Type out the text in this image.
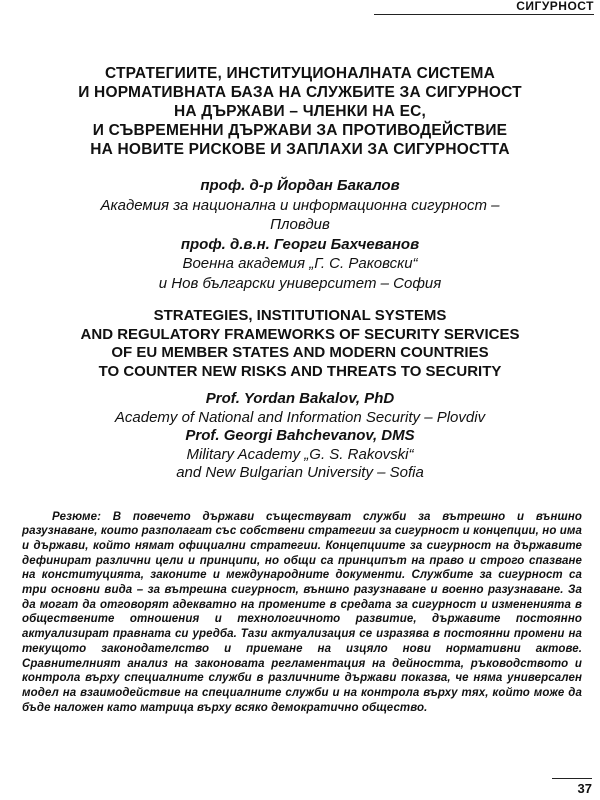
СИГУРНОСТ
СТРАТЕГИИТЕ, ИНСТИТУЦИОНАЛНАТА СИСТЕМА
И НОРМАТИВНАТА БАЗА НА СЛУЖБИТЕ ЗА СИГУРНОСТ
НА ДЪРЖАВИ – ЧЛЕНКИ НА ЕС,
И СЪВРЕМЕННИ ДЪРЖАВИ ЗА ПРОТИВОДЕЙСТВИЕ
НА НОВИТЕ РИСКОВЕ И ЗАПЛАХИ ЗА СИГУРНОСТТА
проф. д-р Йордан Бакалов
Академия за национална и информационна сигурност –
Пловдив
проф. д.в.н. Георги Бахчеванов
Военна академия „Г. С. Раковски“
и Нов български университет – София
STRATEGIES, INSTITUTIONAL SYSTEMS
AND REGULATORY FRAMEWORKS OF SECURITY SERVICES
OF EU MEMBER STATES AND MODERN COUNTRIES
TO COUNTER NEW RISKS AND THREATS TO SECURITY
Prof. Yordan Bakalov, PhD
Academy of National and Information Security – Plovdiv
Prof. Georgi Bahchevanov, DMS
Military Academy „G. S. Rakovski“
and New Bulgarian University – Sofia

Резюме: В повечето държави съществуват служби за вътрешно и външно разузнаване, които разполагат със собствени стратегии за сигурност и концепции, но има и държави, който нямат официални стратегии. Концепциите за сигурност на държавите дефинират различни цели и принципи, но общи са принципът на право и строго спазване на конституцията, законите и международните документи. Службите за сигурност са три основни вида – за вътрешна сигурност, външно разузнаване и военно разузнаване. За да могат да отговорят адекватно на промените в средата за сигурност и измененията в обществените отношения и технологичното развитие, държавите постоянно актуализират правната си уредба. Тази актуализация се изразява в постоянни промени на текущото законодателство и приемане на изцяло нови нормативни актове. Сравнителният анализ на законовата регламентация на дейността, ръководството и контрола върху специалните служби в различните държави показва, че няма универсален модел на взаимодействие на специалните служби и на контрола върху тях, който може да бъде наложен като матрица върху всяко демократично общество.

37
